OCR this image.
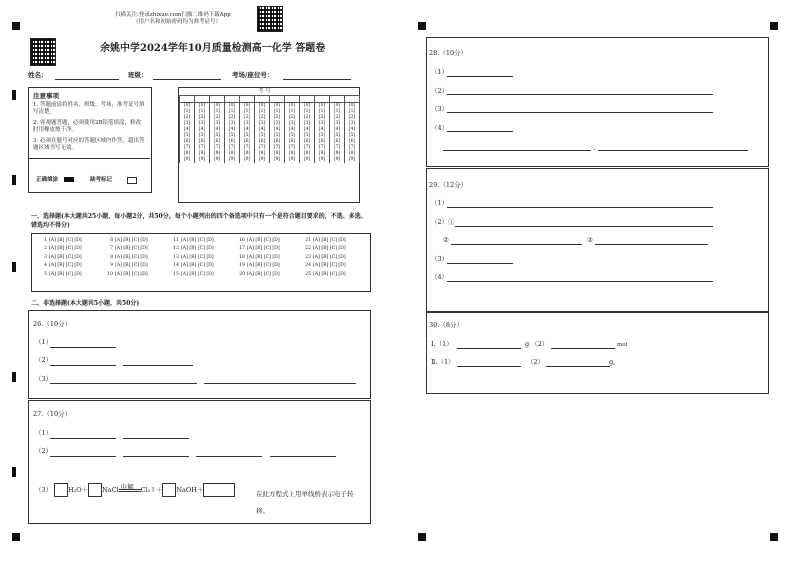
扫描关注:登录zhixue.com扫描二维码下载App
（用户名和初始密码均为准考证号）
余姚中学2024学年10月质量检测高一化学 答题卷
姓名：	班级：	考场/座位号：
注意事项
1. 答题前请将姓名、班级、考场、准考证号填写清楚。
2. 客观题答题，必须使用2B铅笔填涂，修改时用橡皮擦干净。
3. 必须在题号对应的答题区域内作答，超出答题区域书写无效。
正确填涂	缺考标记
考 号

[0]	[0]	[0]	[0]	[0]	[0]	[0]	[0]	[0]	[0]	[0]	[0]
[1]	[1]	[1]	[1]	[1]	[1]	[1]	[1]	[1]	[1]	[1]	[1]
[2]	[2]	[2]	[2]	[2]	[2]	[2]	[2]	[2]	[2]	[2]	[2]
[3]	[3]	[3]	[3]	[3]	[3]	[3]	[3]	[3]	[3]	[3]	[3]
[4]	[4]	[4]	[4]	[4]	[4]	[4]	[4]	[4]	[4]	[4]	[4]
[5]	[5]	[5]	[5]	[5]	[5]	[5]	[5]	[5]	[5]	[5]	[5]
[6]	[6]	[6]	[6]	[6]	[6]	[6]	[6]	[6]	[6]	[6]	[6]
[7]	[7]	[7]	[7]	[7]	[7]	[7]	[7]	[7]	[7]	[7]	[7]
[8]	[8]	[8]	[8]	[8]	[8]	[8]	[8]	[8]	[8]	[8]	[8]
[9]	[9]	[9]	[9]	[9]	[9]	[9]	[9]	[9]	[9]	[9]	[9]
一、选择题(本大题共25小题，每小题2分，共50分。每个小题列出的四个备选项中只有一个是符合题目要求的，不选、多选、错选均不得分)
1 [A] [B] [C] [D]	6 [A] [B] [C] [D]	11 [A] [B] [C] [D]	16 [A] [B] [C] [D]	21 [A] [B] [C] [D]
2 [A] [B] [C] [D]	7 [A] [B] [C] [D]	12 [A] [B] [C] [D]	17 [A] [B] [C] [D]	22 [A] [B] [C] [D]
3 [A] [B] [C] [D]	8 [A] [B] [C] [D]	13 [A] [B] [C] [D]	18 [A] [B] [C] [D]	23 [A] [B] [C] [D]
4 [A] [B] [C] [D]	9 [A] [B] [C] [D]	14 [A] [B] [C] [D]	19 [A] [B] [C] [D]	24 [A] [B] [C] [D]
5 [A] [B] [C] [D]	10 [A] [B] [C] [D]	15 [A] [B] [C] [D]	20 [A] [B] [C] [D]	25 [A] [B] [C] [D]
二、非选择题(本大题共5小题，共50分)
26.（10分）
（1）
（2）
（3）
27.（10分）
（1）
（2）
（3）	H₂O＋ NaCl 电解 Cl₂↑＋ NaOH＋	在此方程式上用单线桥表示电子转移。
28.（10分）
（1）
（2）
（3）
（4）
、
29.（12分）
（1）
（2）①
②	③
（3）
（4）
30.（8分）
Ⅰ.（1）	g （2）	mol
Ⅱ.（1）	（2）	g。
